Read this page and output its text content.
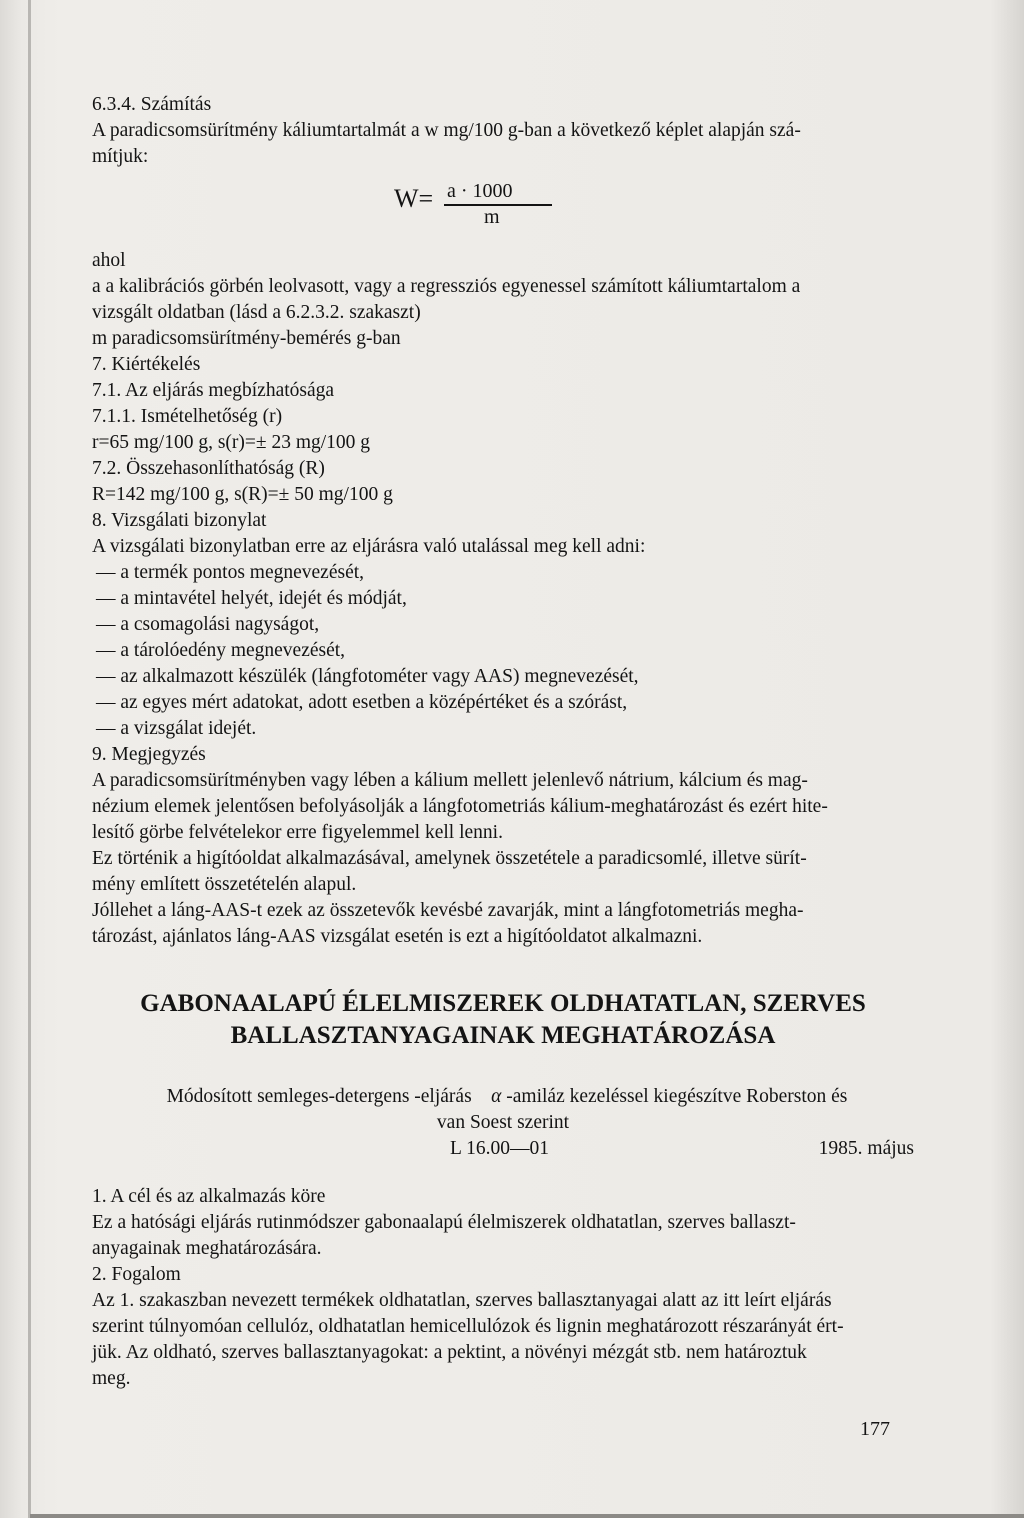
6.3.4. Számítás
A paradicsomsürítmény káliumtartalmát a w mg/100 g-ban a következő képlet alapján szá-
mítjuk:
W= a · 1000
m
ahol
a a kalibrációs görbén leolvasott, vagy a regressziós egyenessel számított káliumtartalom a
vizsgált oldatban (lásd a 6.2.3.2. szakaszt)
m paradicsomsürítmény-bemérés g-ban
7. Kiértékelés
7.1. Az eljárás megbízhatósága
7.1.1. Ismételhetőség (r)
r=65 mg/100 g, s(r)=± 23 mg/100 g
7.2. Összehasonlíthatóság (R)
R=142 mg/100 g, s(R)=± 50 mg/100 g
8. Vizsgálati bizonylat
A vizsgálati bizonylatban erre az eljárásra való utalással meg kell adni:
— a termék pontos megnevezését,
— a mintavétel helyét, idejét és módját,
— a csomagolási nagyságot,
— a tárolóedény megnevezését,
— az alkalmazott készülék (lángfotométer vagy AAS) megnevezését,
— az egyes mért adatokat, adott esetben a középértéket és a szórást,
— a vizsgálat idejét.
9. Megjegyzés
A paradicsomsürítményben vagy lében a kálium mellett jelenlevő nátrium, kálcium és mag-
nézium elemek jelentősen befolyásolják a lángfotometriás kálium-meghatározást és ezért hite-
lesítő görbe felvételekor erre figyelemmel kell lenni.
Ez történik a higítóoldat alkalmazásával, amelynek összetétele a paradicsomlé, illetve sürít-
mény említett összetételén alapul.
Jóllehet a láng-AAS-t ezek az összetevők kevésbé zavarják, mint a lángfotometriás megha-
tározást, ajánlatos láng-AAS vizsgálat esetén is ezt a higítóoldatot alkalmazni.
GABONAALAPÚ ÉLELMISZEREK OLDHATATLAN, SZERVES
BALLASZTANYAGAINAK MEGHATÁROZÁSA
Módosított semleges-detergens -eljárás α -amiláz kezeléssel kiegészítve Roberston és
van Soest szerint
L 16.00—01	1985. május
1. A cél és az alkalmazás köre
Ez a hatósági eljárás rutinmódszer gabonaalapú élelmiszerek oldhatatlan, szerves ballaszt-
anyagainak meghatározására.
2. Fogalom
Az 1. szakaszban nevezett termékek oldhatatlan, szerves ballasztanyagai alatt az itt leírt eljárás
szerint túlnyomóan cellulóz, oldhatatlan hemicellulózok és lignin meghatározott részarányát ért-
jük. Az oldható, szerves ballasztanyagokat: a pektint, a növényi mézgát stb. nem határoztuk
meg.
177
